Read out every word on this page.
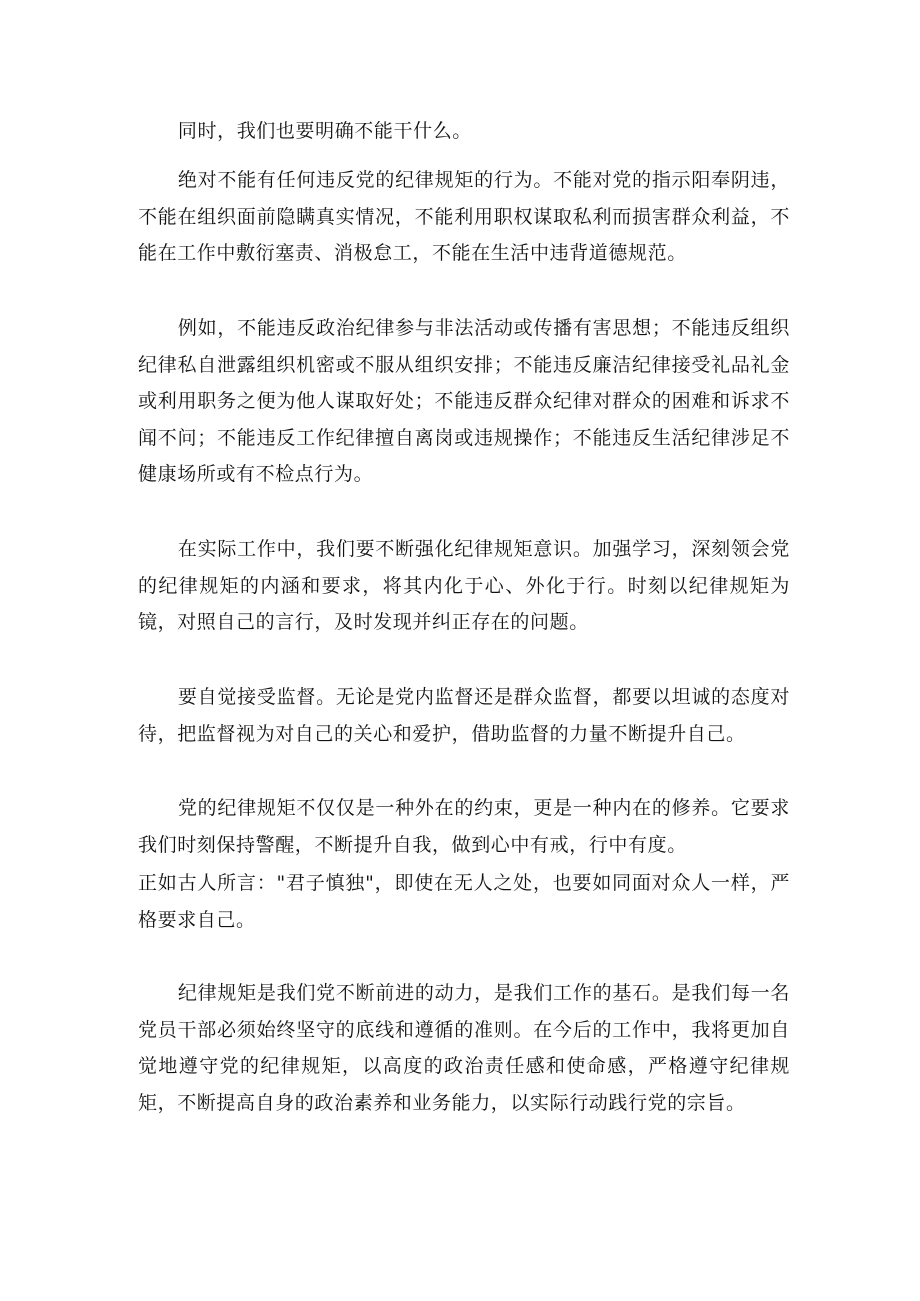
同时，我们也要明确不能干什么。

绝对不能有任何违反党的纪律规矩的行为。不能对党的指示阳奉阴违，不能在组织面前隐瞒真实情况，不能利用职权谋取私利而损害群众利益，不能在工作中敷衍塞责、消极怠工，不能在生活中违背道德规范。

例如，不能违反政治纪律参与非法活动或传播有害思想；不能违反组织纪律私自泄露组织机密或不服从组织安排；不能违反廉洁纪律接受礼品礼金或利用职务之便为他人谋取好处；不能违反群众纪律对群众的困难和诉求不闻不问；不能违反工作纪律擅自离岗或违规操作；不能违反生活纪律涉足不健康场所或有不检点行为。

在实际工作中，我们要不断强化纪律规矩意识。加强学习，深刻领会党的纪律规矩的内涵和要求，将其内化于心、外化于行。时刻以纪律规矩为镜，对照自己的言行，及时发现并纠正存在的问题。

要自觉接受监督。无论是党内监督还是群众监督，都要以坦诚的态度对待，把监督视为对自己的关心和爱护，借助监督的力量不断提升自己。

党的纪律规矩不仅仅是一种外在的约束，更是一种内在的修养。它要求我们时刻保持警醒，不断提升自我，做到心中有戒，行中有度。

正如古人所言："君子慎独"，即使在无人之处，也要如同面对众人一样，严格要求自己。

纪律规矩是我们党不断前进的动力，是我们工作的基石。是我们每一名党员干部必须始终坚守的底线和遵循的准则。在今后的工作中，我将更加自觉地遵守党的纪律规矩，以高度的政治责任感和使命感，严格遵守纪律规矩，不断提高自身的政治素养和业务能力，以实际行动践行党的宗旨。
